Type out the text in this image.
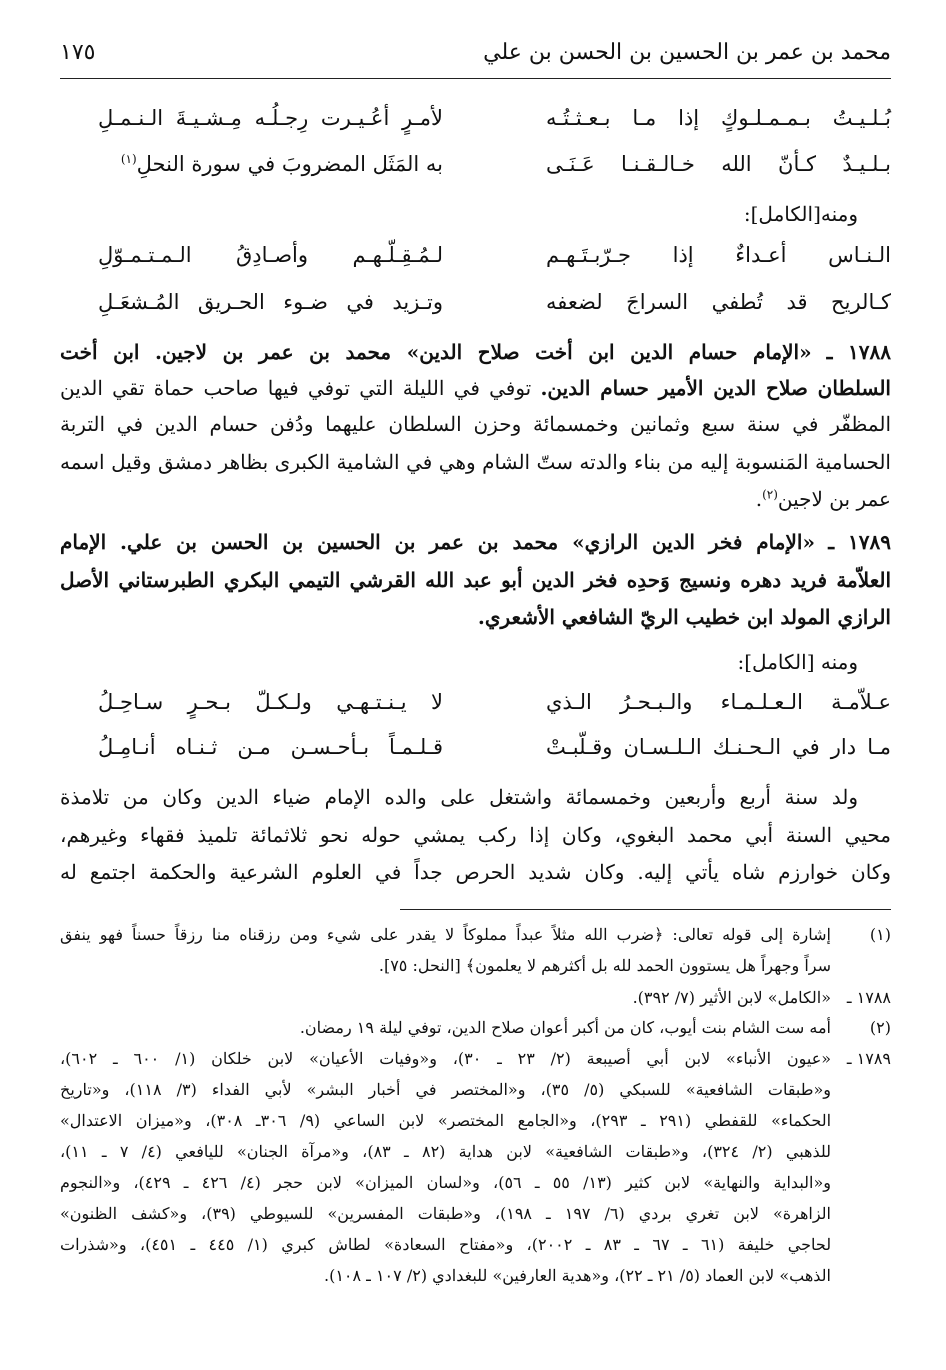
محمد بن عمر بن الحسين بن الحسن بن علي
١٧٥
بُـلـيـتُ بـمـمـلـوكٍ إذا مـا بـعـثـتُـه
لأمـرٍ أعُـيـرت رِجـلُـه مِـشـيـةَ الـنـمـلِ
بـلـيـدٌ كـأنّ الله خـالـقـنـا عَـنَـى
به المَثَل المضروبَ في سورة النحلِ$^{(١)}$
ومنه[الكامل]:
الـنـاس أعـداءٌ إذا جـرّبـتَـهـم
لـمُـقِـلّـهـم وأصـادِقُ الـمـتـمـوّلِ
كـالريح قد تُطفي السراجَ لضعفه
وتـزيد في ضـوء الحـريق المُـشعَـلِ
١٧٨٨ ـ «الإمام حسام الدين ابن أخت صلاح الدين» محمد بن عمر بن لاجين. ابن أخت
السلطان صلاح الدين الأمير حسام الدين. توفي في الليلة التي توفي فيها صاحب حماة تقي الدين
المظفّر في سنة سبع وثمانين وخمسمائة وحزن السلطان عليهما ودُفن حسام الدين في التربة
الحسامية المَنسوبة إليه من بناء والدته ستّ الشام وهي في الشامية الكبرى بظاهر دمشق وقيل اسمه
عمر بن لاجين$^{(٢)}$.
١٧٨٩ ـ «الإمام فخر الدين الرازي» محمد بن عمر بن الحسين بن الحسن بن علي. الإمام
العلاّمة فريد دهره ونسيج وَحدِه فخر الدين أبو عبد الله القرشي التيمي البكري الطبرستاني الأصل
الرازي المولد ابن خطيب الريّ الشافعي الأشعري.
ومنه [الكامل]:
عـلاّمـة الـعـلـمـاء والـبـحـرُ الـذي
لا يـنـتـهـي ولـكـلّ بـحـرٍ سـاحِـلُ
مـا دار في الـحـنـك الـلـسـان وقـلّبـتْ
قـلـمـاً بـأحـسـن مـن ثـنـاه أنـامِـلُ
ولد سنة أربع وأربعين وخمسمائة واشتغل على والده الإمام ضياء الدين وكان من تلامذة
محيي السنة أبي محمد البغوي، وكان إذا ركب يمشي حوله نحو ثلاثمائة تلميذ فقهاء وغيرهم،
وكان خوارزم شاه يأتي إليه. وكان شديد الحرص جداً في العلوم الشرعية والحكمة اجتمع له
(١)
إشارة إلى قوله تعالى: ﴿ضرب الله مثلاً عبداً مملوكاً لا يقدر على شيء ومن رزقناه منا رزقاً حسناً فهو ينفق
سراً وجهراً هل يستوون الحمد لله بل أكثرهم لا يعلمون﴾ [النحل: ٧٥].
١٧٨٨ ـ
«الكامل» لابن الأثير (٧/ ٣٩٢).
(٢)
أمه ست الشام بنت أيوب، كان من أكبر أعوان صلاح الدين، توفي ليلة ١٩ رمضان.
١٧٨٩ ـ
«عيون الأنباء» لابن أبي أصيبعة (٢/ ٢٣ ـ ٣٠)، و«وفيات الأعيان» لابن خلكان (١/ ٦٠٠ ـ ٦٠٢)،
و«طبقات الشافعية» للسبكي (٥/ ٣٥)، و«المختصر في أخبار البشر» لأبي الفداء (٣/ ١١٨)، و«تاريخ
الحكماء» للقفطي (٢٩١ ـ ٢٩٣)، و«الجامع المختصر» لابن الساعي (٩/ ٣٠٦ـ ٣٠٨)، و«ميزان الاعتدال»
للذهبي (٢/ ٣٢٤)، و«طبقات الشافعية» لابن هداية (٨٢ ـ ٨٣)، و«مرآة الجنان» لليافعي (٤/ ٧ ـ ١١)،
و«البداية والنهاية» لابن كثير (١٣/ ٥٥ ـ ٥٦)، و«لسان الميزان» لابن حجر (٤/ ٤٢٦ ـ ٤٢٩)، و«النجوم
الزاهرة» لابن تغري بردي (٦/ ١٩٧ ـ ١٩٨)، و«طبقات المفسرين» للسيوطي (٣٩)، و«كشف الظنون»
لحاجي خليفة (٦١ ـ ٦٧ ـ ٨٣ ـ ٢٠٠٢)، و«مفتاح السعادة» لطاش كبري (١/ ٤٤٥ ـ ٤٥١)، و«شذرات
الذهب» لابن العماد (٥/ ٢١ ـ ٢٢)، و«هدية العارفين» للبغدادي (٢/ ١٠٧ ـ ١٠٨).
